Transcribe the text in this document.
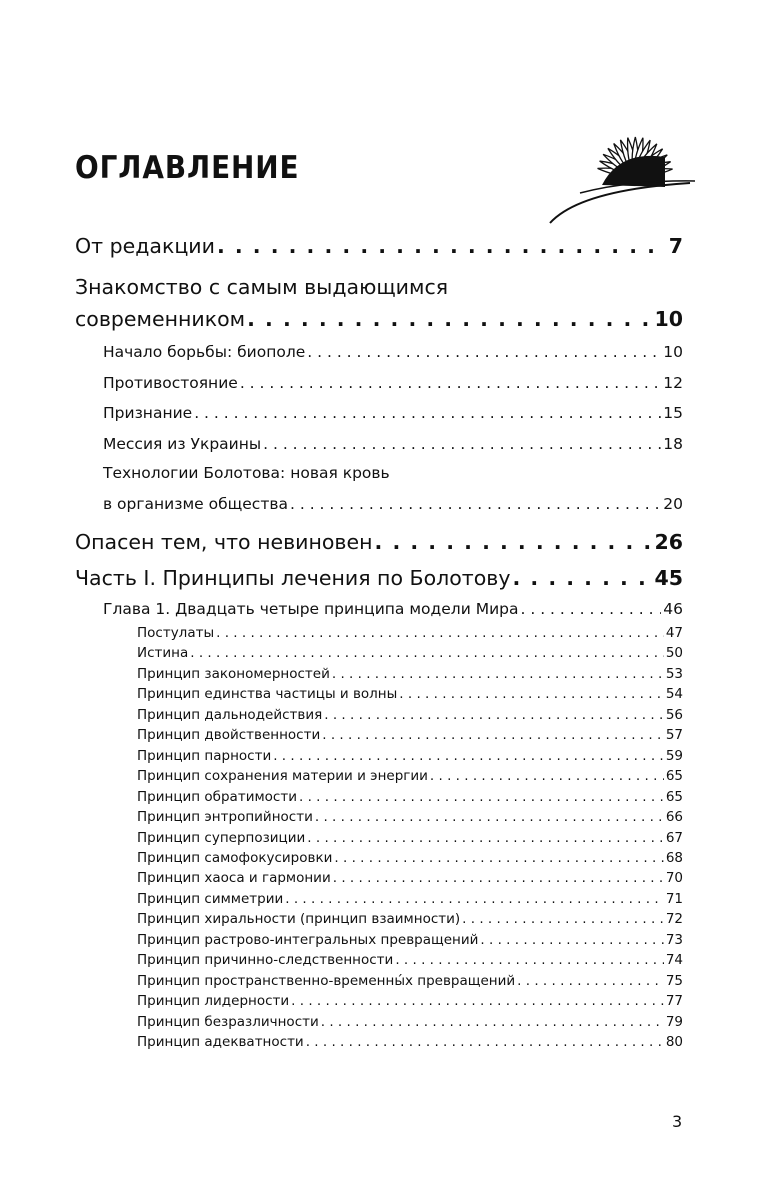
ОГЛАВЛЕНИЕ
От редакции . . .	7
Знакомство с самым выдающимся
современником . . .	10
Начало борьбы: биополе . . .	10
Противостояние . . .	12
Признание . . .	15
Мессия из Украины . . .	18
Технологии Болотова: новая кровь
в организме общества . . .	20
Опасен тем, что невиновен . . .	26
Часть I. Принципы лечения по Болотову . . .	45
Глава 1. Двадцать четыре принципа модели Мира . . .	46
Постулаты . . .	47
Истина . . .	50
Принцип закономерностей . . .	53
Принцип единства частицы и волны . . .	54
Принцип дальнодействия . . .	56
Принцип двойственности . . .	57
Принцип парности . . .	59
Принцип сохранения материи и энергии . . .	65
Принцип обратимости . . .	65
Принцип энтропийности . . .	66
Принцип суперпозиции . . .	67
Принцип самофокусировки . . .	68
Принцип хаоса и гармонии . . .	70
Принцип симметрии . . .	71
Принцип хиральности (принцип взаимности) . . .	72
Принцип растрово-интегральных превращений . . .	73
Принцип причинно-следственности . . .	74
Принцип пространственно-временны́х превращений . . .	75
Принцип лидерности . . .	77
Принцип безразличности . . .	79
Принцип адекватности . . .	80
3
